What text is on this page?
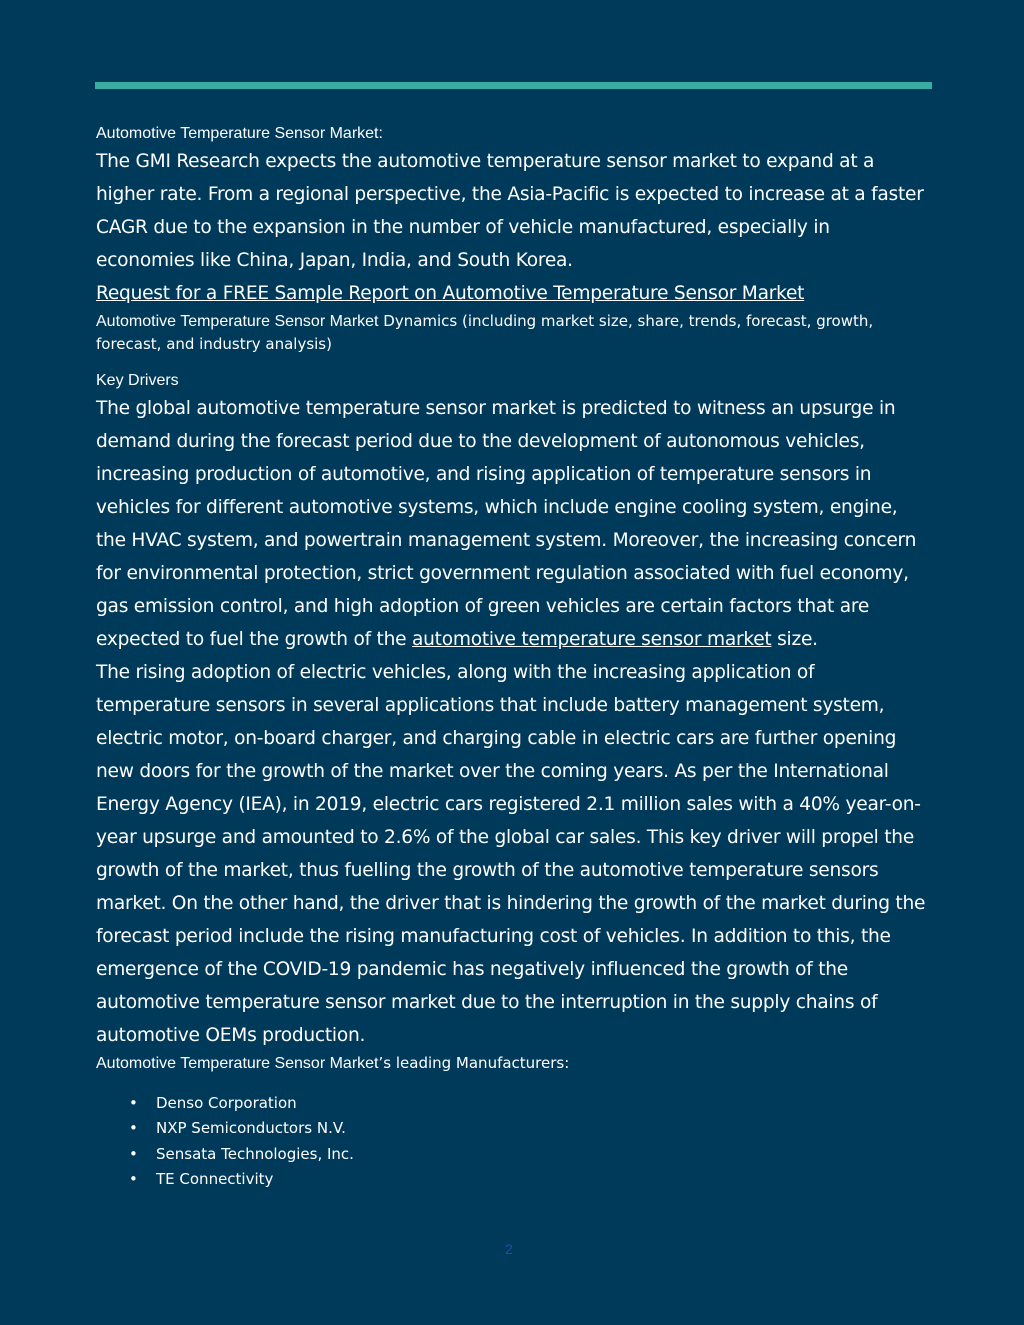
Automotive Temperature Sensor Market:

The GMI Research expects the automotive temperature sensor market to expand at a higher rate. From a regional perspective, the Asia-Pacific is expected to increase at a faster CAGR due to the expansion in the number of vehicle manufactured, especially in economies like China, Japan, India, and South Korea.

Request for a FREE Sample Report on Automotive Temperature Sensor Market

Automotive Temperature Sensor Market Dynamics (including market size, share, trends, forecast, growth, forecast, and industry analysis)

Key Drivers

The global automotive temperature sensor market is predicted to witness an upsurge in demand during the forecast period due to the development of autonomous vehicles, increasing production of automotive, and rising application of temperature sensors in vehicles for different automotive systems, which include engine cooling system, engine, the HVAC system, and powertrain management system. Moreover, the increasing concern for environmental protection, strict government regulation associated with fuel economy, gas emission control, and high adoption of green vehicles are certain factors that are expected to fuel the growth of the automotive temperature sensor market size.

The rising adoption of electric vehicles, along with the increasing application of temperature sensors in several applications that include battery management system, electric motor, on-board charger, and charging cable in electric cars are further opening new doors for the growth of the market over the coming years. As per the International Energy Agency (IEA), in 2019, electric cars registered 2.1 million sales with a 40% year-on-year upsurge and amounted to 2.6% of the global car sales. This key driver will propel the growth of the market, thus fuelling the growth of the automotive temperature sensors market. On the other hand, the driver that is hindering the growth of the market during the forecast period include the rising manufacturing cost of vehicles. In addition to this, the emergence of the COVID-19 pandemic has negatively influenced the growth of the automotive temperature sensor market due to the interruption in the supply chains of automotive OEMs production.

Automotive Temperature Sensor Market’s leading Manufacturers:

• Denso Corporation
• NXP Semiconductors N.V.
• Sensata Technologies, Inc.
• TE Connectivity
2
